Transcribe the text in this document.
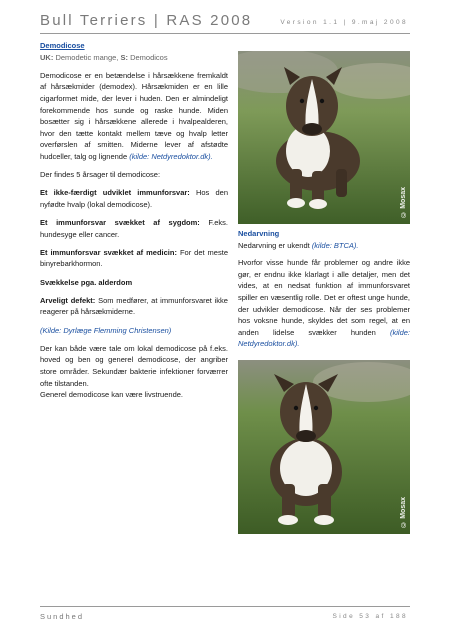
Bull Terriers | RAS 2008	Version 1.1 | 9.maj 2008

Demodicose

UK: Demodetic mange, S: Demodicos

Demodicose er en betændelse i hårsækkene fremkaldt af hårsækmider (demodex). Hårsækmiden er en lille cigarformet mide, der lever i huden. Den er almindeligt forekommende hos sunde og raske hunde. Miden bosætter sig i hårsækkene allerede i hvalpealderen, hvor den tætte kontakt mellem tæve og hvalp letter overførslen af smitten. Miderne lever af afstødte hudceller, talg og lignende (kilde: Netdyredoktor.dk).

Der findes 5 årsager til demodicose:

Et ikke-færdigt udviklet immunforsvar: Hos den nyfødte hvalp (lokal demodicose).

Et immunforsvar svækket af sygdom: F.eks. hundesyge eller cancer.

Et immunforsvar svækket af medicin: For det meste binyrebarkhormon.

Svækkelse pga. alderdom

Arveligt defekt: Som medfører, at immunforsvaret ikke reagerer på hårsækmiderne.

(Kilde: Dyrlæge Flemming Christensen)

Der kan både være tale om lokal demodicose på f.eks. hoved og ben og generel demodicose, der angriber store områder. Sekundær bakterie infektioner forværrer ofte tilstanden.

Generel demodicose kan være livstruende.

© Mosax

Nedarvning

Nedarvning er ukendt (kilde: BTCA).

Hvorfor visse hunde får problemer og andre ikke gør, er endnu ikke klarlagt i alle detaljer, men det vides, at en nedsat funktion af immunforsvaret spiller en væsentlig rolle. Det er oftest unge hunde, der udvikler demodicose. Når der ses problemer hos voksne hunde, skyldes det som regel, at en anden lidelse svækker hunden (kilde: Netdyredoktor.dk).

© Mosax
Sundhed	Side 53 af 188
